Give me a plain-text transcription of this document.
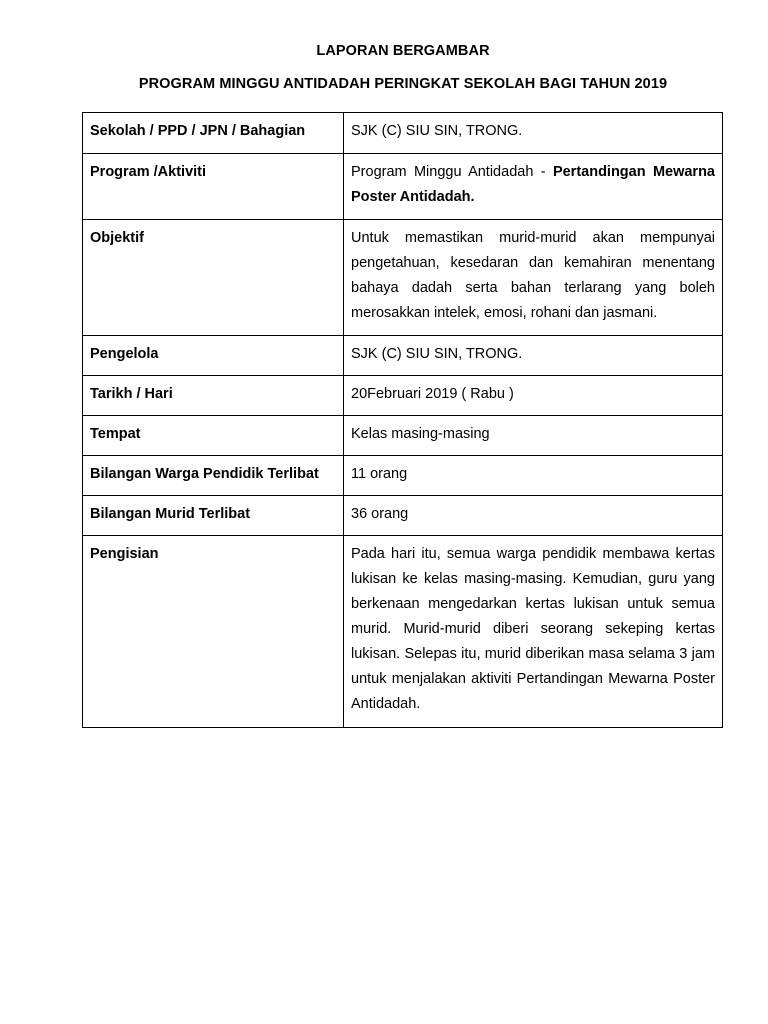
LAPORAN BERGAMBAR
PROGRAM MINGGU ANTIDADAH PERINGKAT SEKOLAH BAGI TAHUN 2019
Sekolah / PPD / JPN / Bahagian	SJK (C) SIU SIN, TRONG.
Program /Aktiviti	Program Minggu Antidadah - Pertandingan Mewarna Poster Antidadah.
Objektif	Untuk memastikan murid-murid akan mempunyai pengetahuan, kesedaran dan kemahiran menentang bahaya dadah serta bahan terlarang yang boleh merosakkan intelek, emosi, rohani dan jasmani.
Pengelola	SJK (C) SIU SIN, TRONG.
Tarikh / Hari	20Februari 2019 ( Rabu )
Tempat	Kelas masing-masing
Bilangan Warga Pendidik Terlibat	11 orang
Bilangan Murid Terlibat	36 orang
Pengisian	Pada hari itu, semua warga pendidik membawa kertas lukisan ke kelas masing-masing. Kemudian, guru yang berkenaan mengedarkan kertas lukisan untuk semua murid. Murid-murid diberi seorang sekeping kertas lukisan. Selepas itu, murid diberikan masa selama 3 jam untuk menjalakan aktiviti Pertandingan Mewarna Poster Antidadah.
